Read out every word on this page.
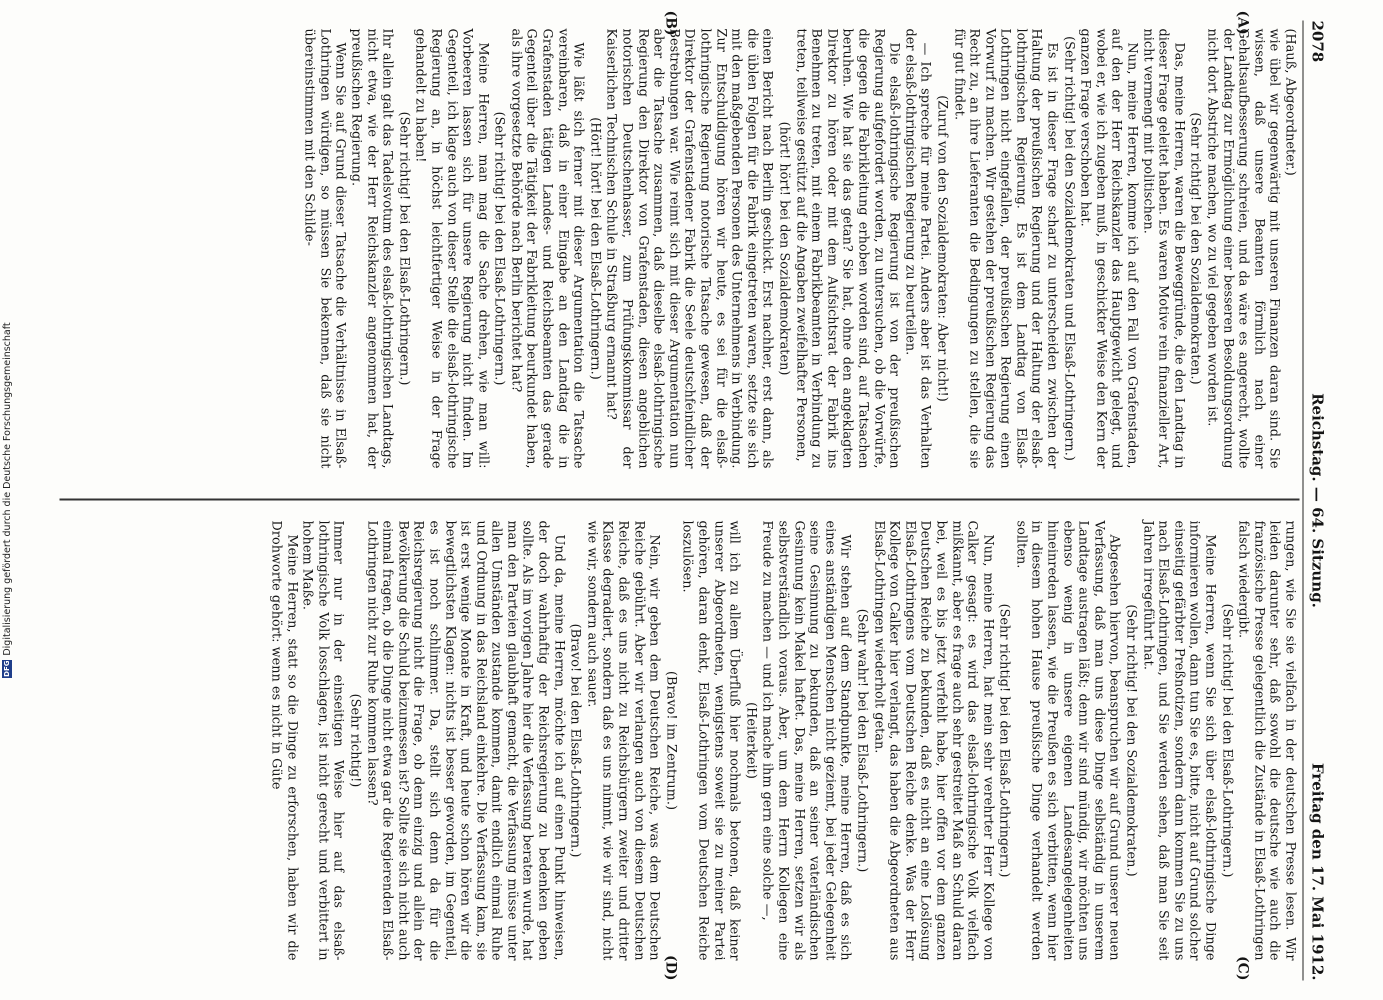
2078
Reichstag. — 64. Sitzung.
Freitag den 17. Mai 1912.
(A)
(B)

(Hauß, Abgeordneter.)

wie übel wir gegenwärtig mit unseren Finanzen daran sind. Sie wissen, daß unsere Beamten förmlich nach einer Gehaltsaufbesserung schreien, und da wäre es angerecht, wollte der Landtag zur Ermöglichung einer besseren Besoldungsordnung nicht dort Abstriche machen, wo zu viel gegeben worden ist.

(Sehr richtig! bei den Sozialdemokraten.)

Das, meine Herren, waren die Beweggründe, die den Landtag in dieser Frage geleitet haben. Es waren Motive rein finanzieller Art, nicht vermengt mit politischen.

Nun, meine Herren, komme ich auf den Fall von Grafenstaden, auf den der Herr Reichskanzler das Hauptgewicht gelegt, und wobei er, wie ich zugeben muß, in geschickter Weise den Kern der ganzen Frage verschoben hat.

(Sehr richtig! bei den Sozialdemokraten und Elsaß-Lothringern.)

Es ist in dieser Frage scharf zu unterscheiden zwischen der Haltung der preußischen Regierung und der Haltung der elsaß-lothringischen Regierung. Es ist dem Landtag von Elsaß-Lothringen nicht eingefallen, der preußischen Regierung einen Vorwurf zu machen. Wir gestehen der preußischen Regierung das Recht zu, an ihre Lieferanten die Bedingungen zu stellen, die sie für gut findet.

(Zuruf von den Sozialdemokraten: Aber nicht!)

— Ich spreche für meine Partei. Anders aber ist das Verhalten der elsaß-lothringischen Regierung zu beurteilen.

Die elsaß-lothringische Regierung ist von der preußischen Regierung aufgefordert worden, zu untersuchen, ob die Vorwürfe, die gegen die Fabrikleitung erhoben worden sind, auf Tatsachen beruhen. Wie hat sie das getan? Sie hat, ohne den angeklagten Direktor zu hören oder mit dem Aufsichtsrat der Fabrik ins Benehmen zu treten, mit einem Fabrikbeamten in Verbindung zu treten, teilweise gestützt auf die Angaben zweifelhafter Personen,

(hört! hört! bei den Sozialdemokraten)

einen Bericht nach Berlin geschickt. Erst nachher, erst dann, als die üblen Folgen für die Fabrik eingetreten waren, setzte sie sich mit den maßgebenden Personen des Unternehmens in Verbindung. Zur Entschuldigung hören wir heute, es sei für die elsaß-lothringische Regierung notorische Tatsache gewesen, daß der Direktor der Grafenstadener Fabrik die Seele deutschfeindlicher Bestrebungen war. Wie reimt sich mit dieser Argumentation nun aber die Tatsache zusammen, daß dieselbe elsaß-lothringische Regierung den Direktor von Grafenstaden, diesen angeblichen notorischen Deutschenhasser, zum Prüfungskommissar der Kaiserlichen Technischen Schule in Straßburg ernannt hat?

(Hört! hört! bei den Elsaß-Lothringern.)

Wie läßt sich ferner mit dieser Argumentation die Tatsache vereinbaren, daß in einer Eingabe an den Landtag die in Grafenstaden tätigen Landes- und Reichsbeamten das gerade Gegenteil über die Tätigkeit der Fabrikleitung beurkundet haben, als ihre vorgesetzte Behörde nach Berlin berichtet hat?

(Sehr richtig! bei den Elsaß-Lothringern.)

Meine Herren, man mag die Sache drehen, wie man will: Vorbeeren lassen sich für unsere Regierung nicht finden. Im Gegenteil, ich klage auch von dieser Stelle die elsaß-lothringische Regierung an, in höchst leichtfertiger Weise in der Frage gehandelt zu haben!

(Sehr richtig! bei den Elsaß-Lothringern.)

Ihr allein galt das Tadelsvotum des elsaß-lothringischen Landtags, nicht etwa, wie der Herr Reichskanzler angenommen hat, der preußischen Regierung.

Wenn Sie auf Grund dieser Tatsache die Verhältnisse in Elsaß-Lothringen würdigen, so müssen Sie bekennen, daß sie nicht übereinstimmen mit den Schilde-

(C)
(D)

rungen, wie Sie sie vielfach in der deutschen Presse lesen. Wir leiden darunter sehr, daß sowohl die deutsche wie auch die französische Presse gelegentlich die Zustände in Elsaß-Lothringen falsch wiedergibt.

(Sehr richtig! bei den Elsaß-Lothringern.)

Meine Herren, wenn Sie sich über elsaß-lothringische Dinge informieren wollen, dann tun Sie es, bitte, nicht auf Grund solcher einseitig gefärbter Preßnotizen, sondern dann kommen Sie zu uns nach Elsaß-Lothringen, und Sie werden sehen, daß man Sie seit Jahren irregeführt hat.

(Sehr richtig! bei den Sozialdemokraten.)

Abgesehen hiervon, beanspruchen wir auf Grund unserer neuen Verfassung, daß man uns diese Dinge selbständig in unserem Landtage austragen läßt; denn wir sind mündig, wir möchten uns ebenso wenig in unsere eigenen Landesangelegenheiten hineinreden lassen, wie die Preußen es sich verbitten, wenn hier in diesem hohen Hause preußische Dinge verhandelt werden sollten.

(Sehr richtig! bei den Elsaß-Lothringern.)

Nun, meine Herren, hat mein sehr verehrter Herr Kollege von Calker gesagt: es wird das elsaß-lothringische Volk vielfach mißkannt, aber es frage auch sehr gestreitet Maß an Schuld daran bei, weil es bis jetzt verfehlt habe, hier offen vor dem ganzen Deutschen Reiche zu bekunden, daß es nicht an eine Loslösung Elsaß-Lothringens vom Deutschen Reiche denke. Was der Herr Kollege von Calker hier verlangt, das haben die Abgeordneten aus Elsaß-Lothringen wiederholt getan.

(Sehr wahr! bei den Elsaß-Lothringern.)

Wir stehen auf dem Standpunkte, meine Herren, daß es sich eines anständigen Menschen nicht geziemt, bei jeder Gelegenheit seine Gesinnung zu bekunden, daß an seiner vaterländischen Gesinnung kein Makel haftet. Das, meine Herren, setzen wir als selbstverständlich voraus. Aber, um dem Herrn Kollegen eine Freude zu machen — und ich mache ihm gern eine solche —,

(Heiterkeit)

will ich zu allem Überfluß hier nochmals betonen, daß keiner unserer Abgeordneten, wenigstens soweit sie zu meiner Partei gehören, daran denkt, Elsaß-Lothringen vom Deutschen Reiche loszulösen.

(Bravo! im Zentrum.)

Nein, wir geben dem Deutschen Reiche, was dem Deutschen Reiche gebührt. Aber wir verlangen auch von diesem Deutschen Reiche, daß es uns nicht zu Reichsbürgern zweiter und dritter Klasse degradiert, sondern daß es uns nimmt, wie wir sind, nicht wie wir, sondern auch sauer.

(Bravo! bei den Elsaß-Lothringern.)

Und da, meine Herren, möchte ich auf einen Punkt hinweisen, der doch wahrhaftig der Reichsregierung zu bedenken geben sollte. Als im vorigen Jahre hier die Verfassung beraten wurde, hat man den Parteien glaubhaft gemacht, die Verfassung müsse unter allen Umständen zustande kommen, damit endlich einmal Ruhe und Ordnung in das Reichsland einkehre. Die Verfassung kam, sie ist erst wenige Monate in Kraft, und heute schon hören wir die bewegtlichsten Klagen: nichts ist besser geworden, im Gegenteil, es ist noch schlimmer. Da, stellt sich denn da für die Reichsregierung nicht die Frage, ob denn einzig und allein der Bevölkerung die Schuld beizumessen ist? Sollte sie sich nicht auch einmal fragen, ob die Dinge nicht etwa gar die Regierenden Elsaß-Lothringen nicht zur Ruhe kommen lassen?

(Sehr richtig!)

Immer nur in der einseitigen Weise hier auf das elsaß-lothringische Volk losschlagen, ist nicht gerecht und verbittert in hohem Maße.

Meine Herren, statt so die Dinge zu erforschen, haben wir die Drohworte gehört: wenn es nicht in Güte

DFG
Digitalisierung gefördert durch die Deutsche Forschungsgemeinschaft
